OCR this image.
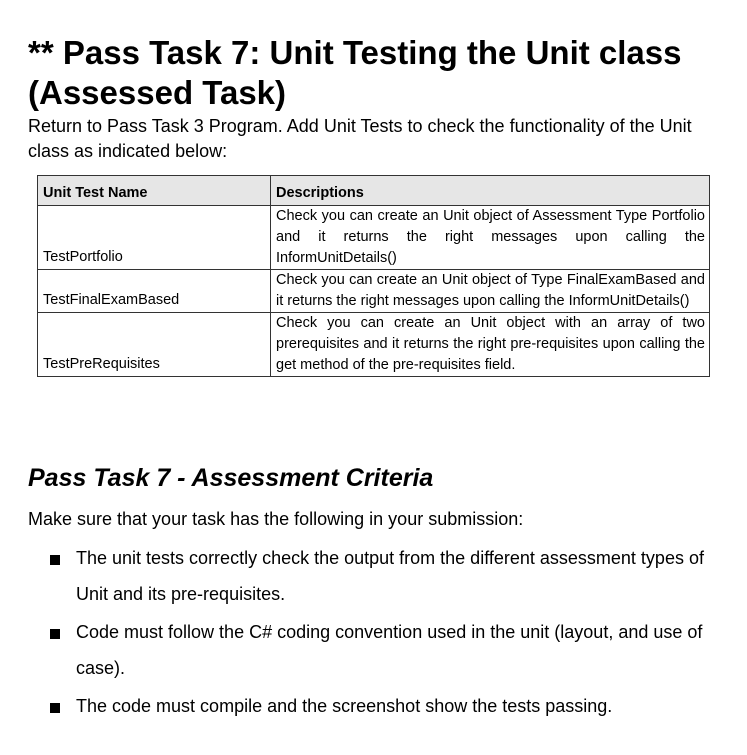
** Pass Task 7: Unit Testing the Unit class (Assessed Task)

Return to Pass Task 3 Program. Add Unit Tests to check the functionality of the Unit class as indicated below:

Unit Test Name	Descriptions
TestPortfolio	Check you can create an Unit object of Assessment Type Portfolio and it returns the right messages upon calling the InformUnitDetails()
TestFinalExamBased	Check you can create an Unit object of Type FinalExamBased and it returns the right messages upon calling the InformUnitDetails()
TestPreRequisites	Check you can create an Unit object with an array of two prerequisites and it returns the right pre-requisites upon calling the get method of the pre-requisites field.
Pass Task 7 - Assessment Criteria

Make sure that your task has the following in your submission:

The unit tests correctly check the output from the different assessment types of Unit and its pre-requisites.
Code must follow the C# coding convention used in the unit (layout, and use of case).
The code must compile and the screenshot show the tests passing.
